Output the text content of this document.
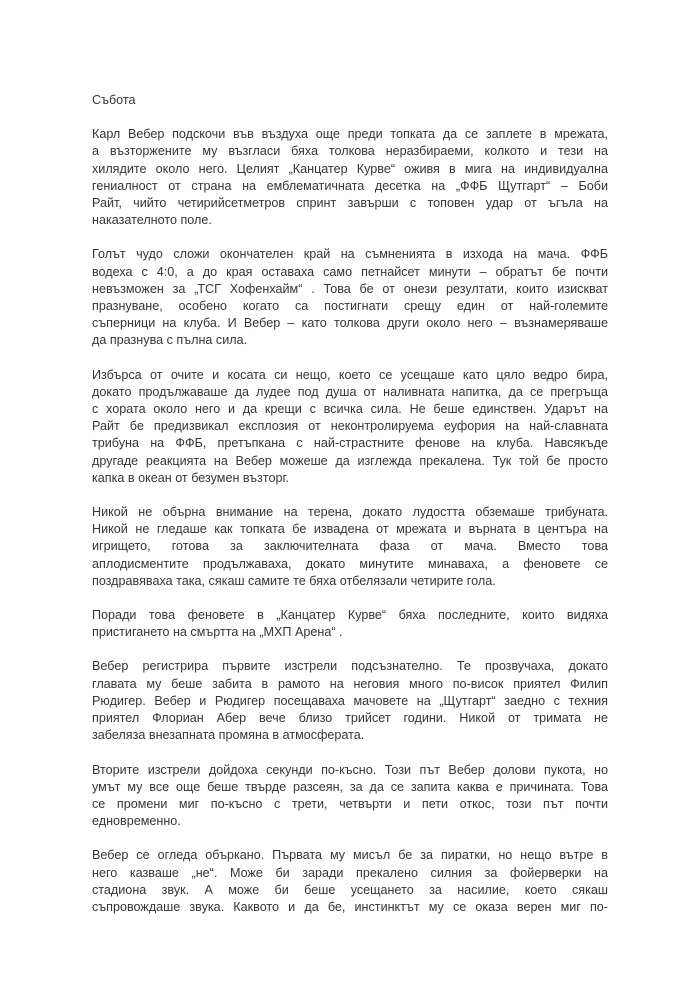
Събота
Карл Вебер подскочи във въздуха още преди топката да се заплете в мрежата,
а възторжените му възгласи бяха толкова неразбираеми, колкото и тези на
хилядите около него. Целият „Канцатер Курве“ оживя в мига на индивидуална
гениалност от страна на емблематичната десетка на „ФФБ Щутгарт“ – Боби
Райт, чийто четирийсетметров спринт завърши с топовен удар от ъгъла на
наказателното поле.
Голът чудо сложи окончателен край на съмненията в изхода на мача. ФФБ
водеха с 4:0, а до края оставаха само петнайсет минути – обратът бе почти
невъзможен за „ТСГ Хофенхайм“ . Това бе от онези резултати, които изискват
празнуване, особено когато са постигнати срещу един от най-големите
съперници на клуба. И Вебер – като толкова други около него – възнамеряваше
да празнува с пълна сила.
Избърса от очите и косата си нещо, което се усещаше като цяло ведро бира,
докато продължаваше да лудее под душа от наливната напитка, да се прегръща
с хората около него и да крещи с всичка сила. Не беше единствен. Ударът на
Райт бе предизвикал експлозия от неконтролируема еуфория на най-славната
трибуна на ФФБ, претъпкана с най-страстните фенове на клуба. Навсякъде
другаде реакцията на Вебер можеше да изглежда прекалена. Тук той бе просто
капка в океан от безумен възторг.
Никой не обърна внимание на терена, докато лудостта обземаше трибуната.
Никой не гледаше как топката бе извадена от мрежата и върната в центъра на
игрището, готова за заключителната фаза от мача. Вместо това
аплодисментите продължаваха, докато минутите минаваха, а феновете се
поздравяваха така, сякаш самите те бяха отбелязали четирите гола.
Поради това феновете в „Канцатер Курве“ бяха последните, които видяха
пристигането на смъртта на „МХП Арена“ .
Вебер регистрира първите изстрели подсъзнателно. Те прозвучаха, докато
главата му беше забита в рамото на неговия много по-висок приятел Филип
Рюдигер. Вебер и Рюдигер посещаваха мачовете на „Щутгарт“ заедно с техния
приятел Флориан Абер вече близо трийсет години. Никой от тримата не
забеляза внезапната промяна в атмосферата.
Вторите изстрели дойдоха секунди по-късно. Този път Вебер долови пукота, но
умът му все още беше твърде разсеян, за да се запита каква е причината. Това
се промени миг по-късно с трети, четвърти и пети откос, този път почти
едновременно.
Вебер се огледа объркано. Първата му мисъл бе за пиратки, но нещо вътре в
него казваше „не“. Може би заради прекалено силния за фойерверки на
стадиона звук. А може би беше усещането за насилие, което сякаш
съпровождаше звука. Каквото и да бе, инстинктът му се оказа верен миг по-
